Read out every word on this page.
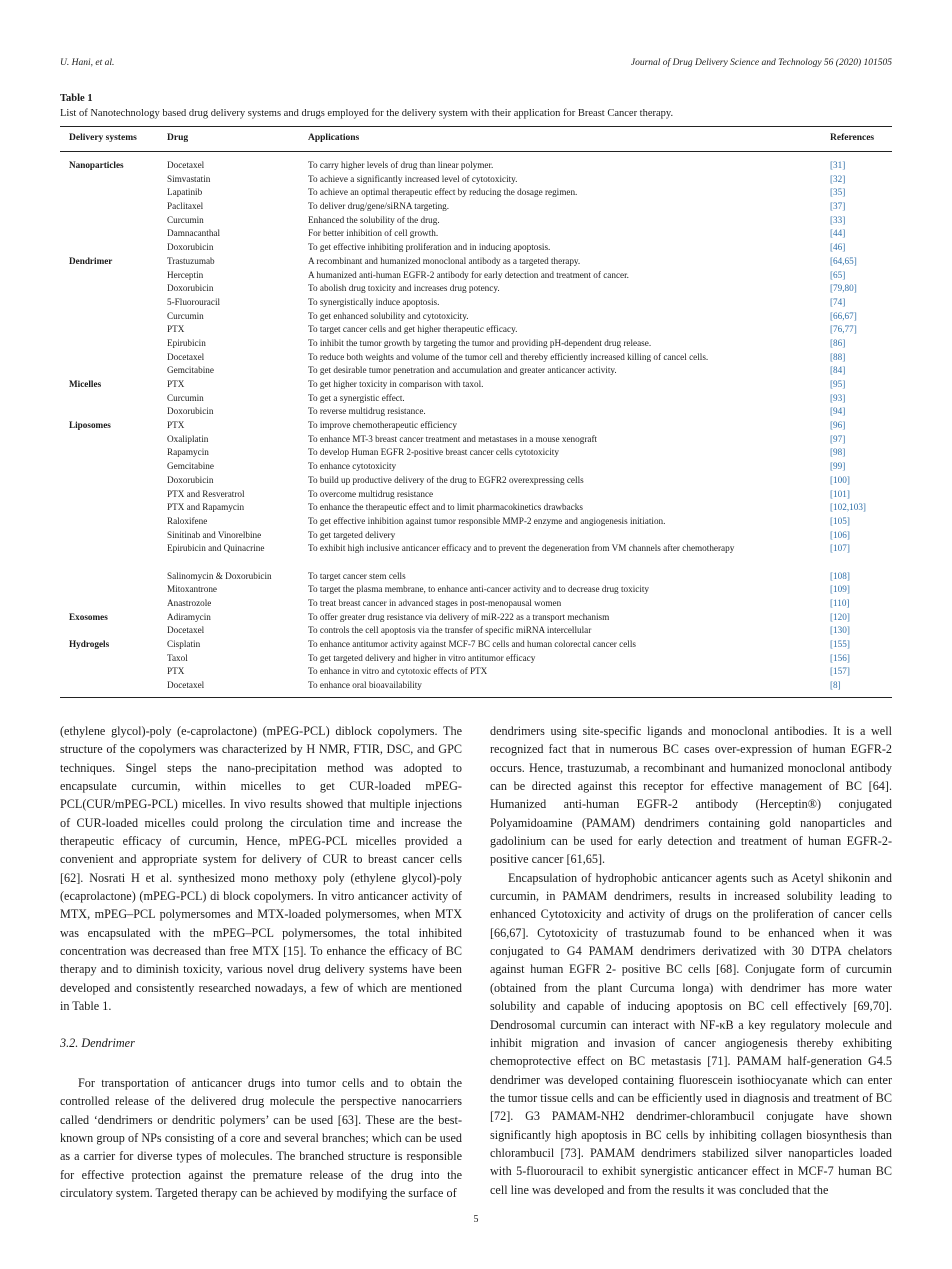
U. Hani, et al.	Journal of Drug Delivery Science and Technology 56 (2020) 101505
Table 1
List of Nanotechnology based drug delivery systems and drugs employed for the delivery system with their application for Breast Cancer therapy.
Delivery systems	Drug	Applications	References
Nanoparticles	Docetaxel	To carry higher levels of drug than linear polymer.	[31]
Simvastatin	To achieve a significantly increased level of cytotoxicity.	[32]
Lapatinib	To achieve an optimal therapeutic effect by reducing the dosage regimen.	[35]
Paclitaxel	To deliver drug/gene/siRNA targeting.	[37]
Curcumin	Enhanced the solubility of the drug.	[33]
Damnacanthal	For better inhibition of cell growth.	[44]
Doxorubicin	To get effective inhibiting proliferation and in inducing apoptosis.	[46]
Dendrimer	Trastuzumab	A recombinant and humanized monoclonal antibody as a targeted therapy.	[64,65]
Herceptin	A humanized anti-human EGFR-2 antibody for early detection and treatment of cancer.	[65]
Doxorubicin	To abolish drug toxicity and increases drug potency.	[79,80]
5-Fluorouracil	To synergistically induce apoptosis.	[74]
Curcumin	To get enhanced solubility and cytotoxicity.	[66,67]
PTX	To target cancer cells and get higher therapeutic efficacy.	[76,77]
Epirubicin	To inhibit the tumor growth by targeting the tumor and providing pH-dependent drug release.	[86]
Docetaxel	To reduce both weights and volume of the tumor cell and thereby efficiently increased killing of cancel cells.	[88]
Gemcitabine	To get desirable tumor penetration and accumulation and greater anticancer activity.	[84]
Micelles	PTX	To get higher toxicity in comparison with taxol.	[95]
Curcumin	To get a synergistic effect.	[93]
Doxorubicin	To reverse multidrug resistance.	[94]
Liposomes	PTX	To improve chemotherapeutic efficiency	[96]
Oxaliplatin	To enhance MT-3 breast cancer treatment and metastases in a mouse xenograft	[97]
Rapamycin	To develop Human EGFR 2-positive breast cancer cells cytotoxicity	[98]
Gemcitabine	To enhance cytotoxicity	[99]
Doxorubicin	To build up productive delivery of the drug to EGFR2 overexpressing cells	[100]
PTX and Resveratrol	To overcome multidrug resistance	[101]
PTX and Rapamycin	To enhance the therapeutic effect and to limit pharmacokinetics drawbacks	[102,103]
Raloxifene	To get effective inhibition against tumor responsible MMP-2 enzyme and angiogenesis initiation.	[105]
Sinitinab and Vinorelbine	To get targeted delivery	[106]
Epirubicin and Quinacrine	To exhibit high inclusive anticancer efficacy and to prevent the degeneration from VM channels after chemotherapy	[107]
Salinomycin & Doxorubicin	To target cancer stem cells	[108]
Mitoxantrone	To target the plasma membrane, to enhance anti-cancer activity and to decrease drug toxicity	[109]
Anastrozole	To treat breast cancer in advanced stages in post-menopausal women	[110]
Exosomes	Adiramycin	To offer greater drug resistance via delivery of miR-222 as a transport mechanism	[120]
Docetaxel	To controls the cell apoptosis via the transfer of specific miRNA intercellular	[130]
Hydrogels	Cisplatin	To enhance antitumor activity against MCF-7 BC cells and human colorectal cancer cells	[155]
Taxol	To get targeted delivery and higher in vitro antitumor efficacy	[156]
PTX	To enhance in vitro and cytotoxic effects of PTX	[157]
Docetaxel	To enhance oral bioavailability	[8]

(ethylene glycol)-poly (e-caprolactone) (mPEG-PCL) diblock copolymers. The structure of the copolymers was characterized by H NMR, FTIR, DSC, and GPC techniques. Singel steps the nano-precipitation method was adopted to encapsulate curcumin, within micelles to get CUR-loaded mPEG-PCL(CUR/mPEG-PCL) micelles. In vivo results showed that multiple injections of CUR-loaded micelles could prolong the circulation time and increase the therapeutic efficacy of curcumin, Hence, mPEG-PCL micelles provided a convenient and appropriate system for delivery of CUR to breast cancer cells [62]. Nosrati H et al. synthesized mono methoxy poly (ethylene glycol)-poly (ecaprolactone) (mPEG-PCL) di block copolymers. In vitro anticancer activity of MTX, mPEG–PCL polymersomes and MTX-loaded polymersomes, when MTX was encapsulated with the mPEG–PCL polymersomes, the total inhibited concentration was decreased than free MTX [15]. To enhance the efficacy of BC therapy and to diminish toxicity, various novel drug delivery systems have been developed and consistently researched nowadays, a few of which are mentioned in Table 1.

3.2. Dendrimer

For transportation of anticancer drugs into tumor cells and to obtain the controlled release of the delivered drug molecule the perspective nanocarriers called ‘dendrimers or dendritic polymers’ can be used [63]. These are the best-known group of NPs consisting of a core and several branches; which can be used as a carrier for diverse types of molecules. The branched structure is responsible for effective protection against the premature release of the drug into the circulatory system. Targeted therapy can be achieved by modifying the surface of

dendrimers using site-specific ligands and monoclonal antibodies. It is a well recognized fact that in numerous BC cases over-expression of human EGFR-2 occurs. Hence, trastuzumab, a recombinant and humanized monoclonal antibody can be directed against this receptor for effective management of BC [64]. Humanized anti-human EGFR-2 antibody (Herceptin®) conjugated Polyamidoamine (PAMAM) dendrimers containing gold nanoparticles and gadolinium can be used for early detection and treatment of human EGFR-2-positive cancer [61,65].

Encapsulation of hydrophobic anticancer agents such as Acetyl shikonin and curcumin, in PAMAM dendrimers, results in increased solubility leading to enhanced Cytotoxicity and activity of drugs on the proliferation of cancer cells [66,67]. Cytotoxicity of trastuzumab found to be enhanced when it was conjugated to G4 PAMAM dendrimers derivatized with 30 DTPA chelators against human EGFR 2- positive BC cells [68]. Conjugate form of curcumin (obtained from the plant Curcuma longa) with dendrimer has more water solubility and capable of inducing apoptosis on BC cell effectively [69,70]. Dendrosomal curcumin can interact with NF-κB a key regulatory molecule and inhibit migration and invasion of cancer angiogenesis thereby exhibiting chemoprotective effect on BC metastasis [71]. PAMAM half-generation G4.5 dendrimer was developed containing fluorescein isothiocyanate which can enter the tumor tissue cells and can be efficiently used in diagnosis and treatment of BC [72]. G3 PAMAM-NH2 dendrimer-chlorambucil conjugate have shown significantly high apoptosis in BC cells by inhibiting collagen biosynthesis than chlorambucil [73]. PAMAM dendrimers stabilized silver nanoparticles loaded with 5-fluorouracil to exhibit synergistic anticancer effect in MCF-7 human BC cell line was developed and from the results it was concluded that the

5
